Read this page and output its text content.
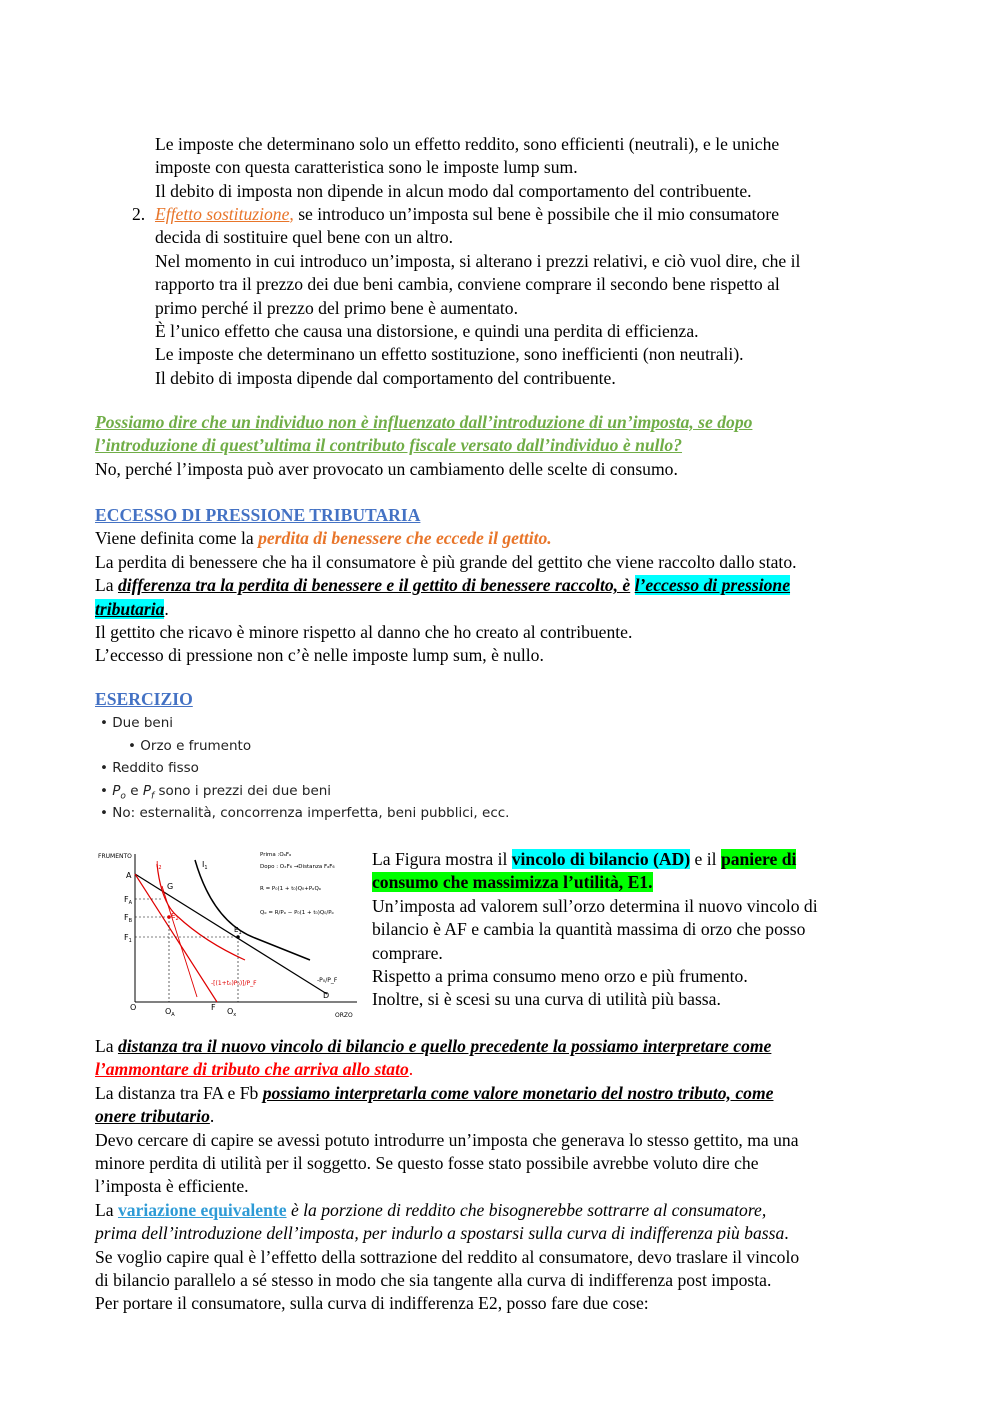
Le imposte che determinano solo un effetto reddito, sono efficienti (neutrali), e le uniche
imposte con questa caratteristica sono le imposte lump sum.
Il debito di imposta non dipende in alcun modo dal comportamento del contribuente.
2. Effetto sostituzione, se introduco un’imposta sul bene è possibile che il mio consumatore
decida di sostituire quel bene con un altro.
Nel momento in cui introduco un’imposta, si alterano i prezzi relativi, e ciò vuol dire, che il
rapporto tra il prezzo dei due beni cambia, conviene comprare il secondo bene rispetto al
primo perché il prezzo del primo bene è aumentato.
È l’unico effetto che causa una distorsione, e quindi una perdita di efficienza.
Le imposte che determinano un effetto sostituzione, sono inefficienti (non neutrali).
Il debito di imposta dipende dal comportamento del contribuente.
Possiamo dire che un individuo non è influenzato dall’introduzione di un’imposta, se dopo
l’introduzione di quest’ultima il contributo fiscale versato dall’individuo è nullo?
No, perché l’imposta può aver provocato un cambiamento delle scelte di consumo.
ECCESSO DI PRESSIONE TRIBUTARIA
Viene definita come la perdita di benessere che eccede il gettito.
La perdita di benessere che ha il consumatore è più grande del gettito che viene raccolto dallo stato.
La differenza tra la perdita di benessere e il gettito di benessere raccolto, è l’eccesso di pressione
tributaria.
Il gettito che ricavo è minore rispetto al danno che ho creato al contribuente.
L’eccesso di pressione non c’è nelle imposte lump sum, è nullo.
ESERCIZIO
• Due beni
• Orzo e frumento
• Reddito fisso
• $P_o$ e $P_f$ sono i prezzi dei due beni
• No: esternalità, concorrenza imperfetta, beni pubblici, ecc.
FRUMENTO
ORZO
A
G
$F_A$
$F_B$
$F_1$
$E_2$
$E_1$
$I_1$
$I_2$
O	$O_A$
F $O_x$
D
-P₀/P_F
-[(1+t₀)P₀)]/P_F
Prima :OₐFₐ
Dopo : OₓF₆ →Distanza FₐF₆
R = P₀(1 + t₀)Q₀+PₒQₒ
Qₒ = R/Pₒ − P₀(1 + t₀)Q₀/Pₒ
La Figura mostra il vincolo di bilancio (AD) e il paniere di
consumo che massimizza l’utilità, E1.
Un’imposta ad valorem sull’orzo determina il nuovo vincolo di
bilancio è AF e cambia la quantità massima di orzo che posso
comprare.
Rispetto a prima consumo meno orzo e più frumento.
Inoltre, si è scesi su una curva di utilità più bassa.
La distanza tra il nuovo vincolo di bilancio e quello precedente la possiamo interpretare come
l’ammontare di tributo che arriva allo stato.
La distanza tra FA e Fb possiamo interpretarla come valore monetario del nostro tributo, come
onere tributario.
Devo cercare di capire se avessi potuto introdurre un’imposta che generava lo stesso gettito, ma una
minore perdita di utilità per il soggetto. Se questo fosse stato possibile avrebbe voluto dire che
l’imposta è efficiente.
La variazione equivalente è la porzione di reddito che bisognerebbe sottrarre al consumatore,
prima dell’introduzione dell’imposta, per indurlo a spostarsi sulla curva di indifferenza più bassa.
Se voglio capire qual è l’effetto della sottrazione del reddito al consumatore, devo traslare il vincolo
di bilancio parallelo a sé stesso in modo che sia tangente alla curva di indifferenza post imposta.
Per portare il consumatore, sulla curva di indifferenza E2, posso fare due cose:
